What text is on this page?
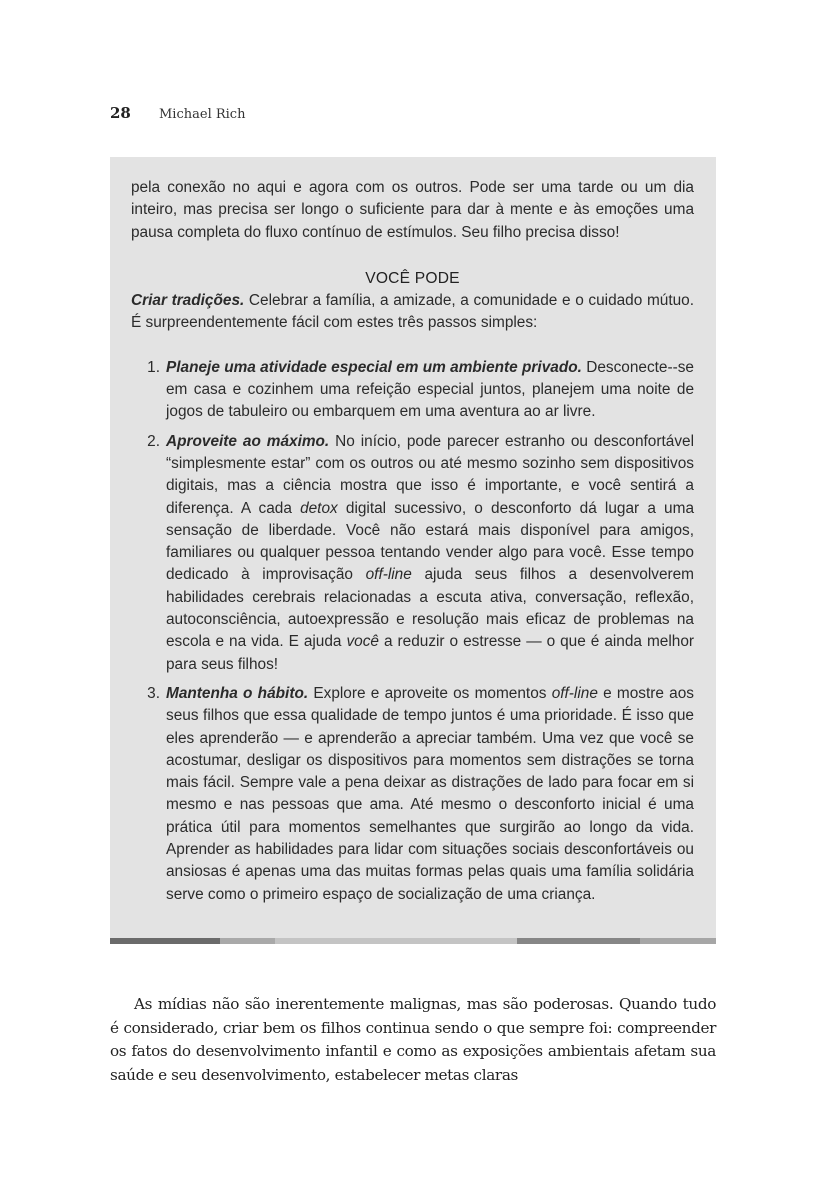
28	Michael Rich

pela conexão no aqui e agora com os outros. Pode ser uma tarde ou um dia inteiro, mas precisa ser longo o suficiente para dar à mente e às emoções uma pausa completa do fluxo contínuo de estímulos. Seu filho precisa disso!

VOCÊ PODE

Criar tradições. Celebrar a família, a amizade, a comunidade e o cuidado mútuo. É surpreendentemente fácil com estes três passos simples:

1. Planeje uma atividade especial em um ambiente privado. Desconecte--se em casa e cozinhem uma refeição especial juntos, planejem uma noite de jogos de tabuleiro ou embarquem em uma aventura ao ar livre.

2. Aproveite ao máximo. No início, pode parecer estranho ou desconfortável “simplesmente estar” com os outros ou até mesmo sozinho sem dispositivos digitais, mas a ciência mostra que isso é importante, e você sentirá a diferença. A cada detox digital sucessivo, o desconforto dá lugar a uma sensação de liberdade. Você não estará mais disponível para amigos, familiares ou qualquer pessoa tentando vender algo para você. Esse tempo dedicado à improvisação off-line ajuda seus filhos a desenvolverem habilidades cerebrais relacionadas a escuta ativa, conversação, reflexão, autoconsciência, autoexpressão e resolução mais eficaz de problemas na escola e na vida. E ajuda você a reduzir o estresse — o que é ainda melhor para seus filhos!

3. Mantenha o hábito. Explore e aproveite os momentos off-line e mostre aos seus filhos que essa qualidade de tempo juntos é uma prioridade. É isso que eles aprenderão — e aprenderão a apreciar também. Uma vez que você se acostumar, desligar os dispositivos para momentos sem distrações se torna mais fácil. Sempre vale a pena deixar as distrações de lado para focar em si mesmo e nas pessoas que ama. Até mesmo o desconforto inicial é uma prática útil para momentos semelhantes que surgirão ao longo da vida. Aprender as habilidades para lidar com situações sociais desconfortáveis ou ansiosas é apenas uma das muitas formas pelas quais uma família solidária serve como o primeiro espaço de socialização de uma criança.

As mídias não são inerentemente malignas, mas são poderosas. Quando tudo é considerado, criar bem os filhos continua sendo o que sempre foi: compreender os fatos do desenvolvimento infantil e como as exposições ambientais afetam sua saúde e seu desenvolvimento, estabelecer metas claras
